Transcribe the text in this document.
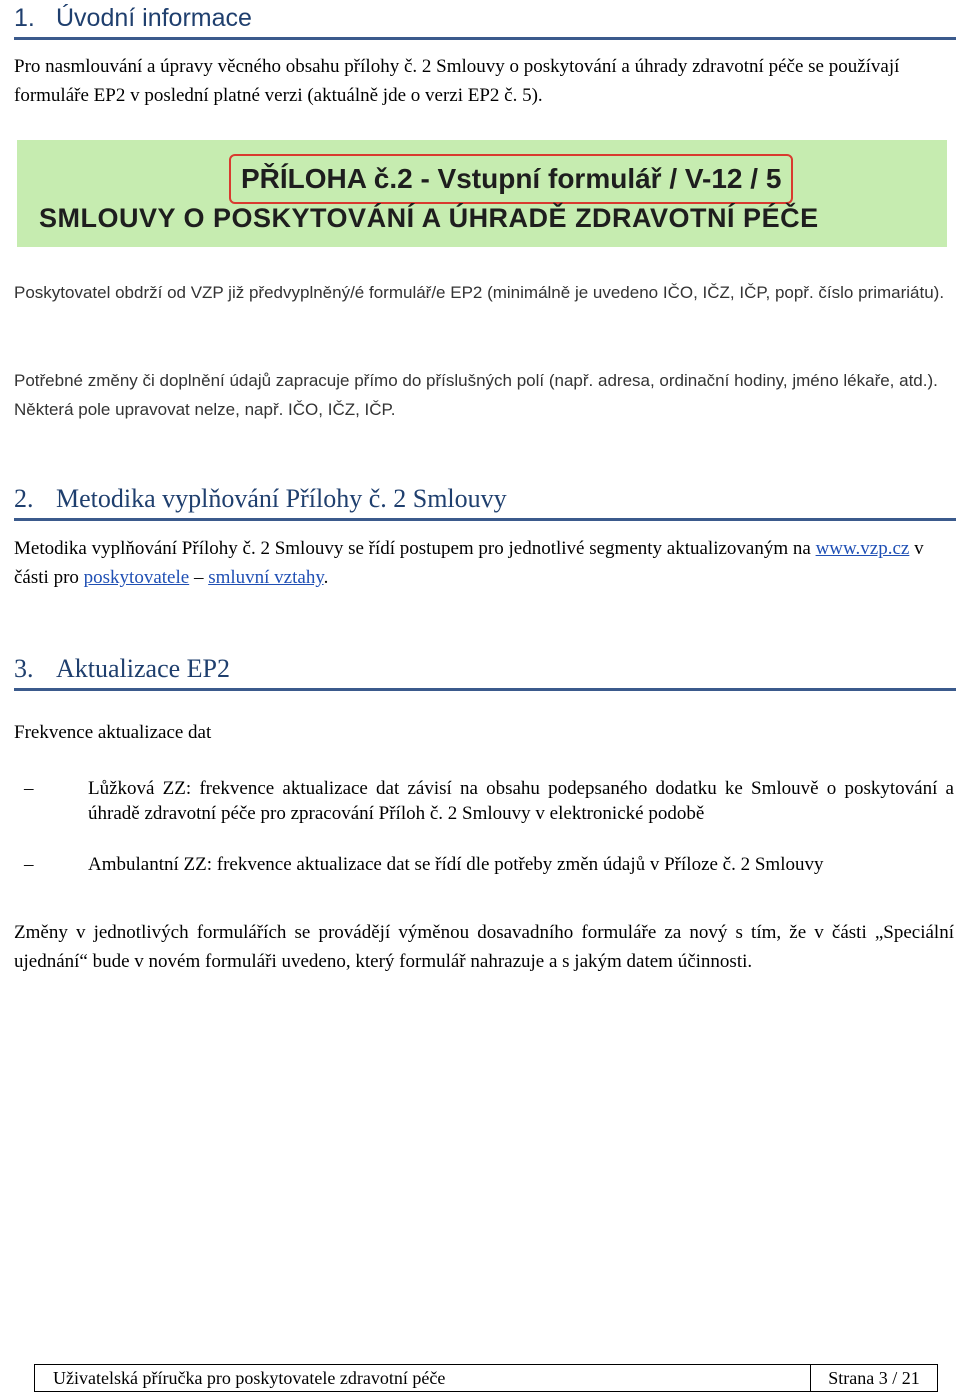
1. Úvodní informace
Pro nasmlouvání a úpravy věcného obsahu přílohy č. 2 Smlouvy o poskytování a úhrady zdravotní péče se používají formuláře EP2 v poslední platné verzi (aktuálně jde o verzi EP2 č. 5).
PŘÍLOHA č.2 - Vstupní formulář / V-12 / 5
SMLOUVY O POSKYTOVÁNÍ A ÚHRADĚ ZDRAVOTNÍ PÉČE
Poskytovatel obdrží od VZP již předvyplněný/é formulář/e EP2 (minimálně je uvedeno IČO, IČZ, IČP, popř. číslo primariátu).
Potřebné změny či doplnění údajů zapracuje přímo do příslušných polí (např. adresa, ordinační hodiny, jméno lékaře, atd.). Některá pole upravovat nelze, např. IČO, IČZ, IČP.
2. Metodika vyplňování Přílohy č. 2 Smlouvy
Metodika vyplňování Přílohy č. 2 Smlouvy se řídí postupem pro jednotlivé segmenty aktualizovaným na www.vzp.cz v části pro poskytovatele – smluvní vztahy.
3. Aktualizace EP2
Frekvence aktualizace dat
–	Lůžková ZZ: frekvence aktualizace dat závisí na obsahu podepsaného dodatku ke Smlouvě o poskytování a úhradě zdravotní péče pro zpracování Příloh č. 2 Smlouvy v elektronické podobě
–	Ambulantní ZZ: frekvence aktualizace dat se řídí dle potřeby změn údajů v Příloze č. 2 Smlouvy
Změny v jednotlivých formulářích se provádějí výměnou dosavadního formuláře za nový s tím, že v části „Speciální ujednání“ bude v novém formuláři uvedeno, který formulář nahrazuje a s jakým datem účinnosti.
Uživatelská příručka pro poskytovatele zdravotní péče	Strana 3 / 21
